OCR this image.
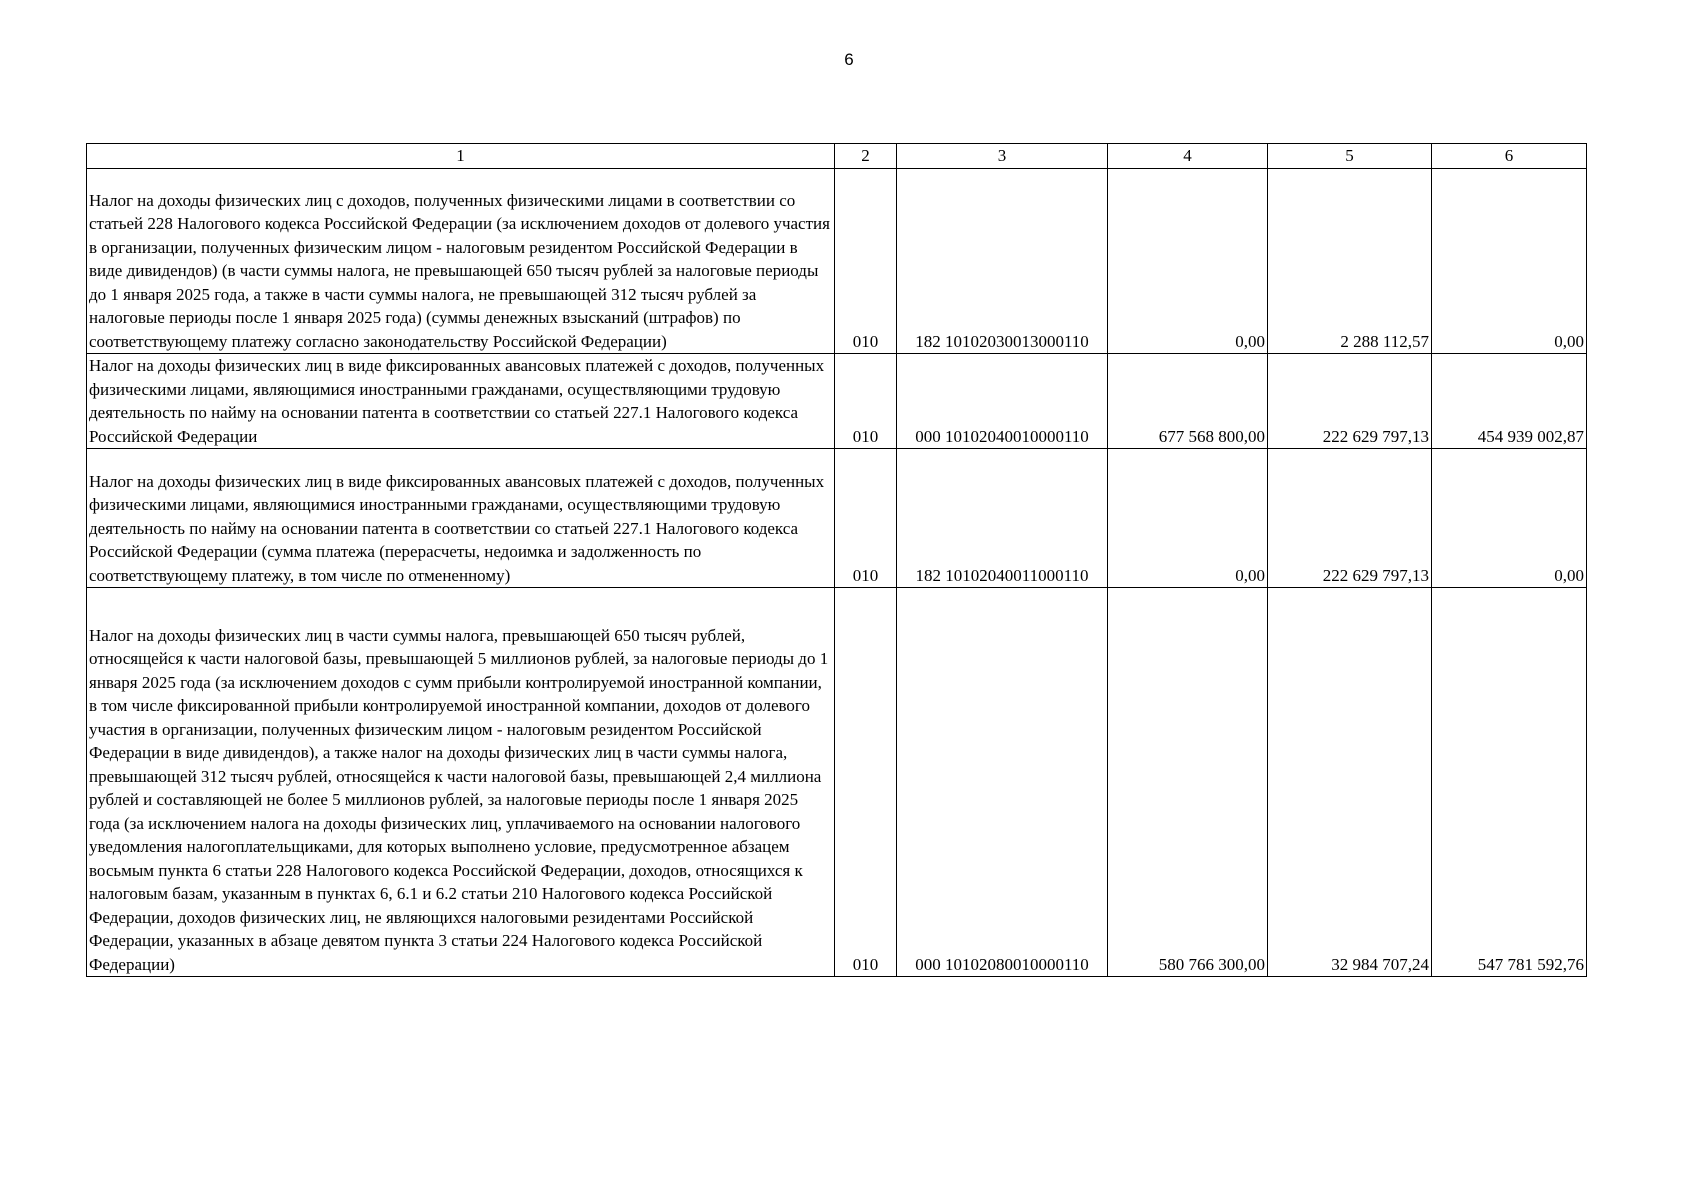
6
1	2	3	4	5	6

Налог на доходы физических лиц с доходов, полученных физическими лицами в соответствии со статьей 228 Налогового кодекса Российской Федерации (за исключением доходов от долевого участия в организации, полученных физическим лицом - налоговым резидентом Российской Федерации в виде дивидендов) (в части суммы налога, не превышающей 650 тысяч рублей за налоговые периоды до 1 января 2025 года, а также в части суммы налога, не превышающей 312 тысяч рублей за налоговые периоды после 1 января 2025 года) (суммы денежных взысканий (штрафов) по соответствующему платежу согласно законодательству Российской Федерации)	010	182 10102030013000110	0,00	2 288 112,57	0,00

Налог на доходы физических лиц в виде фиксированных авансовых платежей с доходов, полученных физическими лицами, являющимися иностранными гражданами, осуществляющими трудовую деятельность по найму на основании патента в соответствии со статьей 227.1 Налогового кодекса Российской Федерации	010	000 10102040010000110	677 568 800,00	222 629 797,13	454 939 002,87

Налог на доходы физических лиц в виде фиксированных авансовых платежей с доходов, полученных физическими лицами, являющимися иностранными гражданами, осуществляющими трудовую деятельность по найму на основании патента в соответствии со статьей 227.1 Налогового кодекса Российской Федерации (сумма платежа (перерасчеты, недоимка и задолженность по соответствующему платежу, в том числе по отмененному)	010	182 10102040011000110	0,00	222 629 797,13	0,00

Налог на доходы физических лиц в части суммы налога, превышающей 650 тысяч рублей, относящейся к части налоговой базы, превышающей 5 миллионов рублей, за налоговые периоды до 1 января 2025 года (за исключением доходов с сумм прибыли контролируемой иностранной компании, в том числе фиксированной прибыли контролируемой иностранной компании, доходов от долевого участия в организации, полученных физическим лицом - налоговым резидентом Российской Федерации в виде дивидендов), а также налог на доходы физических лиц в части суммы налога, превышающей 312 тысяч рублей, относящейся к части налоговой базы, превышающей 2,4 миллиона рублей и составляющей не более 5 миллионов рублей, за налоговые периоды после 1 января 2025 года (за исключением налога на доходы физических лиц, уплачиваемого на основании налогового уведомления налогоплательщиками, для которых выполнено условие, предусмотренное абзацем восьмым пункта 6 статьи 228 Налогового кодекса Российской Федерации, доходов, относящихся к налоговым базам, указанным в пунктах 6, 6.1 и 6.2 статьи 210 Налогового кодекса Российской Федерации, доходов физических лиц, не являющихся налоговыми резидентами Российской Федерации, указанных в абзаце девятом пункта 3 статьи 224 Налогового кодекса Российской Федерации)	010	000 10102080010000110	580 766 300,00	32 984 707,24	547 781 592,76
